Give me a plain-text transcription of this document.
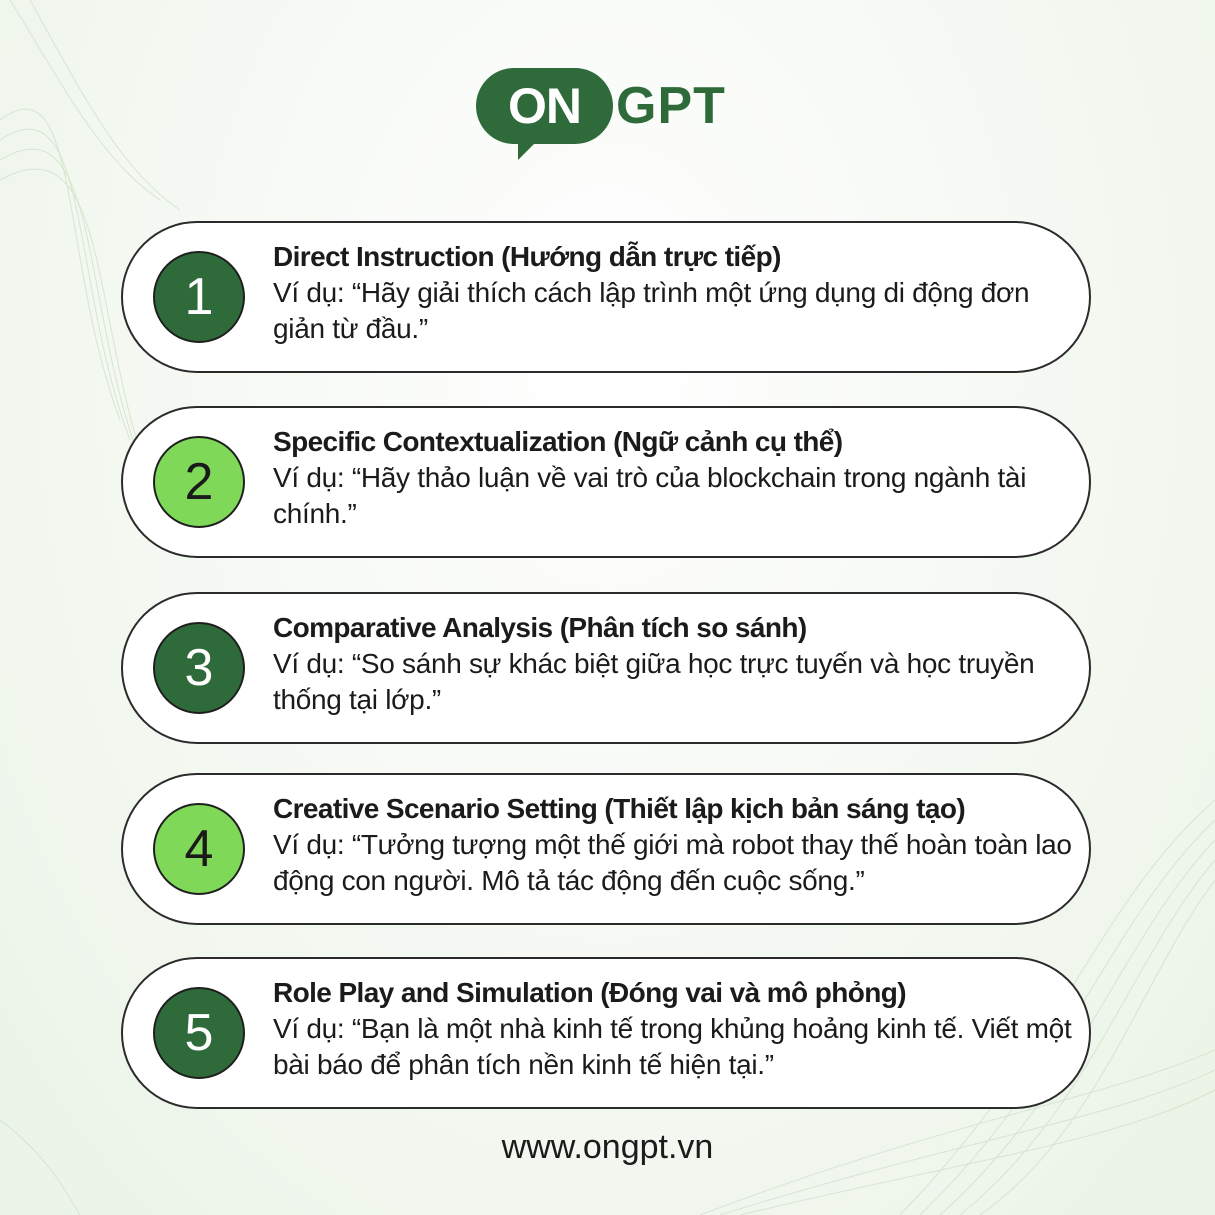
ON GPT
1
Direct Instruction (Hướng dẫn trực tiếp)
Ví dụ: “Hãy giải thích cách lập trình một ứng dụng di động đơn giản từ đầu.”
2
Specific Contextualization (Ngữ cảnh cụ thể)
Ví dụ: “Hãy thảo luận về vai trò của blockchain trong ngành tài chính.”
3
Comparative Analysis (Phân tích so sánh)
Ví dụ: “So sánh sự khác biệt giữa học trực tuyến và học truyền thống tại lớp.”
4
Creative Scenario Setting (Thiết lập kịch bản sáng tạo)
Ví dụ: “Tưởng tượng một thế giới mà robot thay thế hoàn toàn lao động con người. Mô tả tác động đến cuộc sống.”
5
Role Play and Simulation (Đóng vai và mô phỏng)
Ví dụ: “Bạn là một nhà kinh tế trong khủng hoảng kinh tế. Viết một bài báo để phân tích nền kinh tế hiện tại.”
www.ongpt.vn
